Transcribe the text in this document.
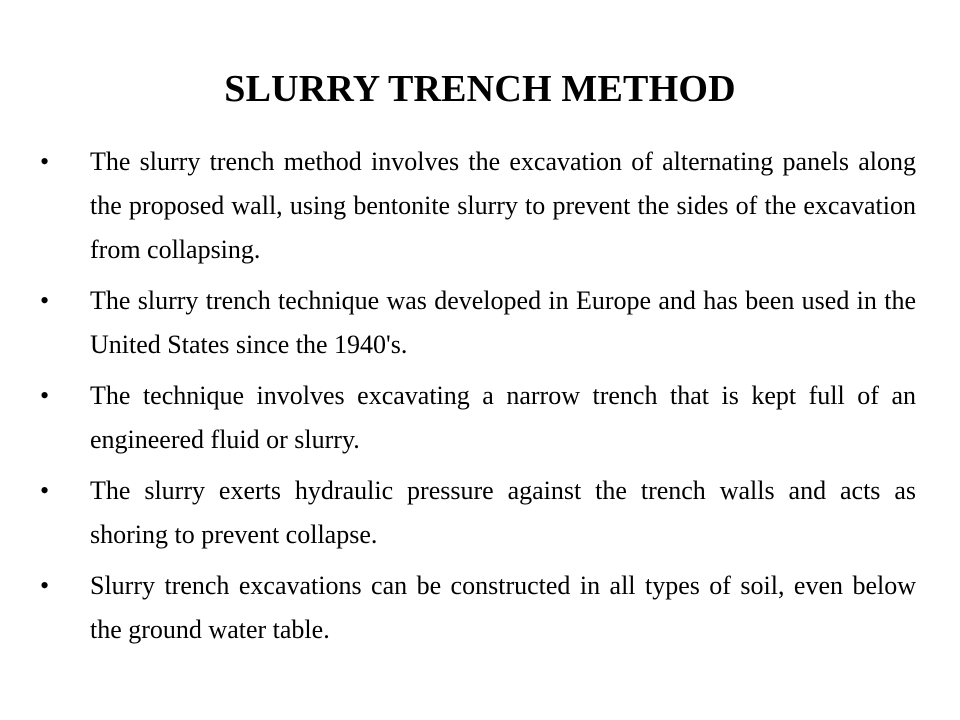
SLURRY TRENCH METHOD
• The slurry trench method involves the excavation of alternating panels along the proposed wall, using bentonite slurry to prevent the sides of the excavation from collapsing.
• The slurry trench technique was developed in Europe and has been used in the United States since the 1940's.
• The technique involves excavating a narrow trench that is kept full of an engineered fluid or slurry.
• The slurry exerts hydraulic pressure against the trench walls and acts as shoring to prevent collapse.
• Slurry trench excavations can be constructed in all types of soil, even below the ground water table.
